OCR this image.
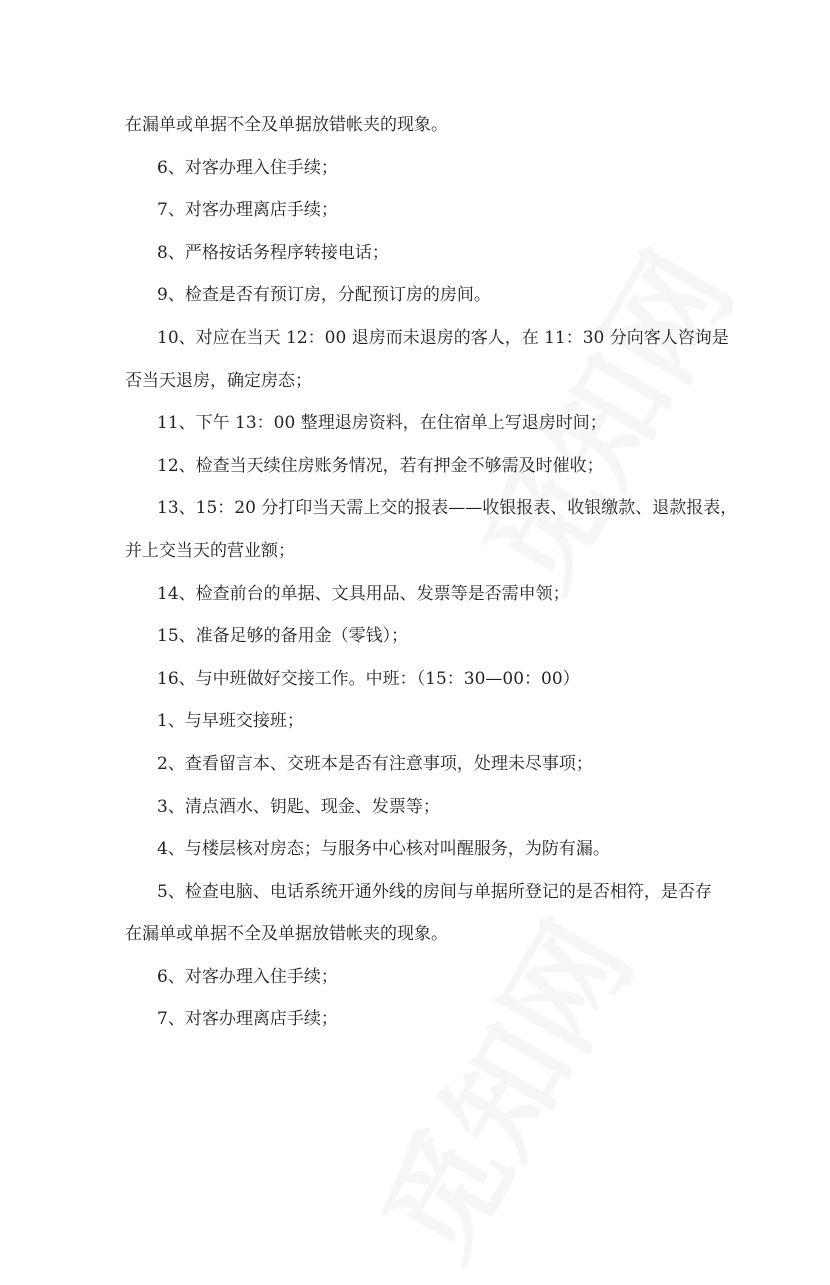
在漏单或单据不全及单据放错帐夹的现象。
6、对客办理入住手续；
7、对客办理离店手续；
8、严格按话务程序转接电话；
9、检查是否有预订房，分配预订房的房间。
10、对应在当天 12：00 退房而未退房的客人，在 11：30 分向客人咨询是
否当天退房，确定房态；
11、下午 13：00 整理退房资料，在住宿单上写退房时间；
12、检查当天续住房账务情况，若有押金不够需及时催收；
13、15：20 分打印当天需上交的报表——收银报表、收银缴款、退款报表，
并上交当天的营业额；
14、检查前台的单据、文具用品、发票等是否需申领；
15、准备足够的备用金（零钱）；
16、与中班做好交接工作。中班：（15：30—00：00）
1、与早班交接班；
2、查看留言本、交班本是否有注意事项，处理未尽事项；
3、清点酒水、钥匙、现金、发票等；
4、与楼层核对房态；与服务中心核对叫醒服务，为防有漏。
5、检查电脑、电话系统开通外线的房间与单据所登记的是否相符，是否存
在漏单或单据不全及单据放错帐夹的现象。
6、对客办理入住手续；
7、对客办理离店手续；
